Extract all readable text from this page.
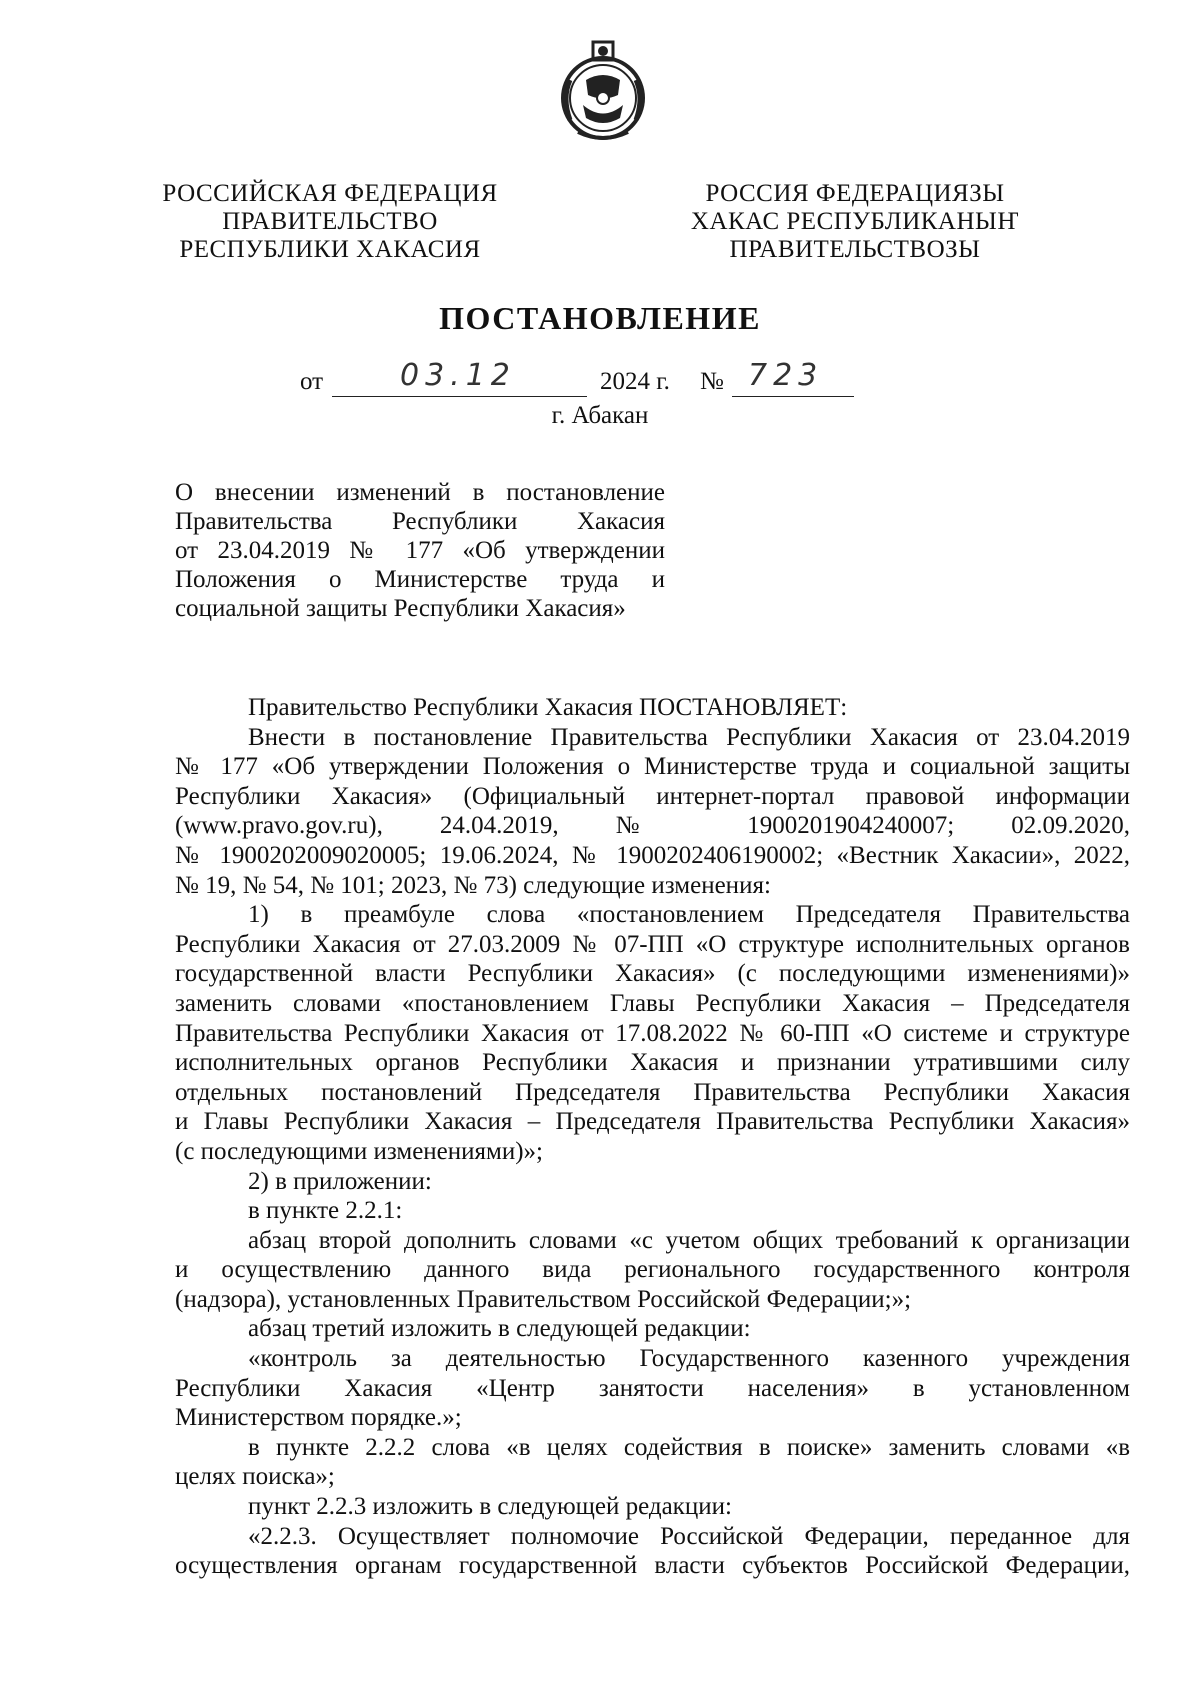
РОССИЙСКАЯ ФЕДЕРАЦИЯ
ПРАВИТЕЛЬСТВО
РЕСПУБЛИКИ ХАКАСИЯ
РОССИЯ ФЕДЕРАЦИЯЗЫ
ХАКАС РЕСПУБЛИКАНЫҤ
ПРАВИТЕЛЬСТВОЗЫ
ПОСТАНОВЛЕНИЕ
от	03.12	2024 г. № 723
г. Абакан
О внесении изменений в постановление
Правительства Республики Хакасия
от 23.04.2019 № 177 «Об утверждении
Положения о Министерстве труда и
социальной защиты Республики Хакасия»
Правительство Республики Хакасия ПОСТАНОВЛЯЕТ:
Внести в постановление Правительства Республики Хакасия от 23.04.2019
№ 177 «Об утверждении Положения о Министерстве труда и социальной защиты
Республики Хакасия» (Официальный интернет-портал правовой информации
(www.pravo.gov.ru), 24.04.2019, № 1900201904240007; 02.09.2020,
№ 1900202009020005; 19.06.2024, № 1900202406190002; «Вестник Хакасии», 2022,
№ 19, № 54, № 101; 2023, № 73) следующие изменения:
1) в преамбуле слова «постановлением Председателя Правительства
Республики Хакасия от 27.03.2009 № 07-ПП «О структуре исполнительных органов
государственной власти Республики Хакасия» (с последующими изменениями)»
заменить словами «постановлением Главы Республики Хакасия – Председателя
Правительства Республики Хакасия от 17.08.2022 № 60-ПП «О системе и структуре
исполнительных органов Республики Хакасия и признании утратившими силу
отдельных постановлений Председателя Правительства Республики Хакасия
и Главы Республики Хакасия – Председателя Правительства Республики Хакасия»
(с последующими изменениями)»;
2) в приложении:
в пункте 2.2.1:
абзац второй дополнить словами «с учетом общих требований к организации
и осуществлению данного вида регионального государственного контроля
(надзора), установленных Правительством Российской Федерации;»;
абзац третий изложить в следующей редакции:
«контроль за деятельностью Государственного казенного учреждения
Республики Хакасия «Центр занятости населения» в установленном
Министерством порядке.»;
в пункте 2.2.2 слова «в целях содействия в поиске» заменить словами «в
целях поиска»;
пункт 2.2.3 изложить в следующей редакции:
«2.2.3. Осуществляет полномочие Российской Федерации, переданное для
осуществления органам государственной власти субъектов Российской Федерации,
